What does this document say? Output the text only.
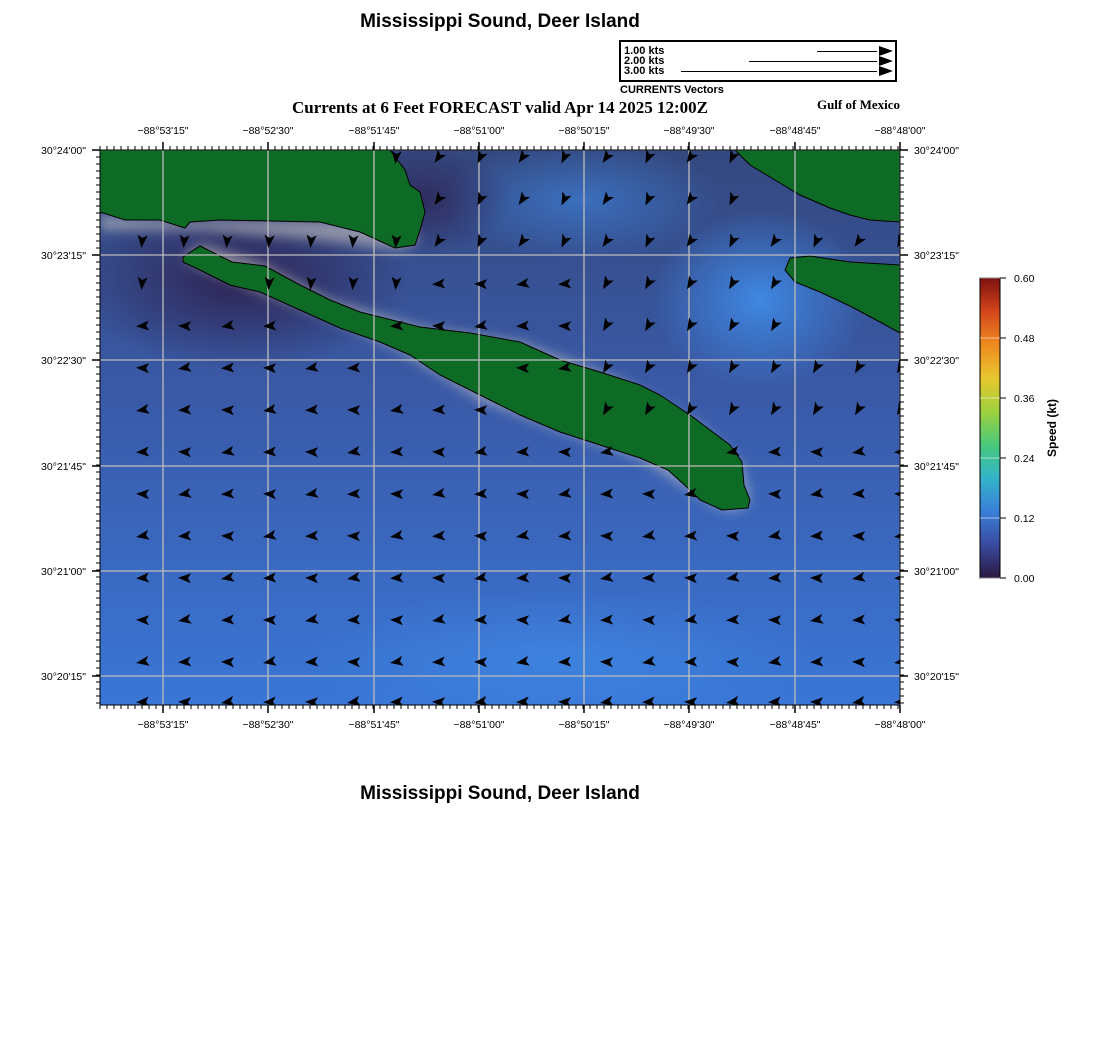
Mississippi Sound, Deer Island
1.00 kts
2.00 kts
3.00 kts
CURRENTS Vectors
Currents at 6 Feet FORECAST valid Apr 14 2025 12:00Z	Gulf of Mexico
−88°53'15"	−88°52'30"	−88°51'45"	−88°51'00"	−88°50'15"	−88°49'30"	−88°48'45"	−88°48'00"
−88°53'15"	−88°52'30"	−88°51'45"	−88°51'00"	−88°50'15"	−88°49'30"	−88°48'45"	−88°48'00"
30°24'00"
30°23'15"
30°22'30"
30°21'45"
30°21'00"
30°20'15"
30°24'00"
30°23'15"
30°22'30"
30°21'45"
30°21'00"
30°20'15"
0.60
0.48
0.36
0.24
0.12
0.00
Speed (kt)
Mississippi Sound, Deer Island
